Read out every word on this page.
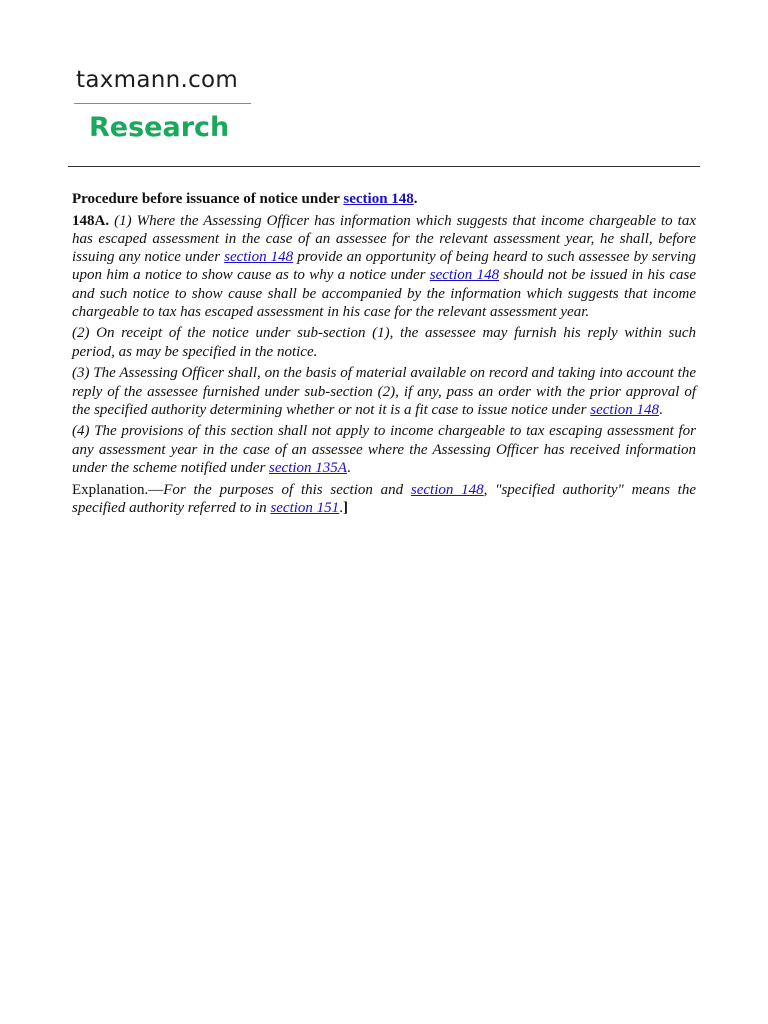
taxmann.com
Research

Procedure before issuance of notice under section 148.

148A. (1) Where the Assessing Officer has information which suggests that income chargeable to tax has escaped assessment in the case of an assessee for the relevant assessment year, he shall, before issuing any notice under section 148 provide an opportunity of being heard to such assessee by serving upon him a notice to show cause as to why a notice under section 148 should not be issued in his case and such notice to show cause shall be accompanied by the information which suggests that income chargeable to tax has escaped assessment in his case for the relevant assessment year.

(2) On receipt of the notice under sub-section (1), the assessee may furnish his reply within such period, as may be specified in the notice.

(3) The Assessing Officer shall, on the basis of material available on record and taking into account the reply of the assessee furnished under sub-section (2), if any, pass an order with the prior approval of the specified authority determining whether or not it is a fit case to issue notice under section 148.

(4) The provisions of this section shall not apply to income chargeable to tax escaping assessment for any assessment year in the case of an assessee where the Assessing Officer has received information under the scheme notified under section 135A.

Explanation.—For the purposes of this section and section 148, "specified authority" means the specified authority referred to in section 151.]
